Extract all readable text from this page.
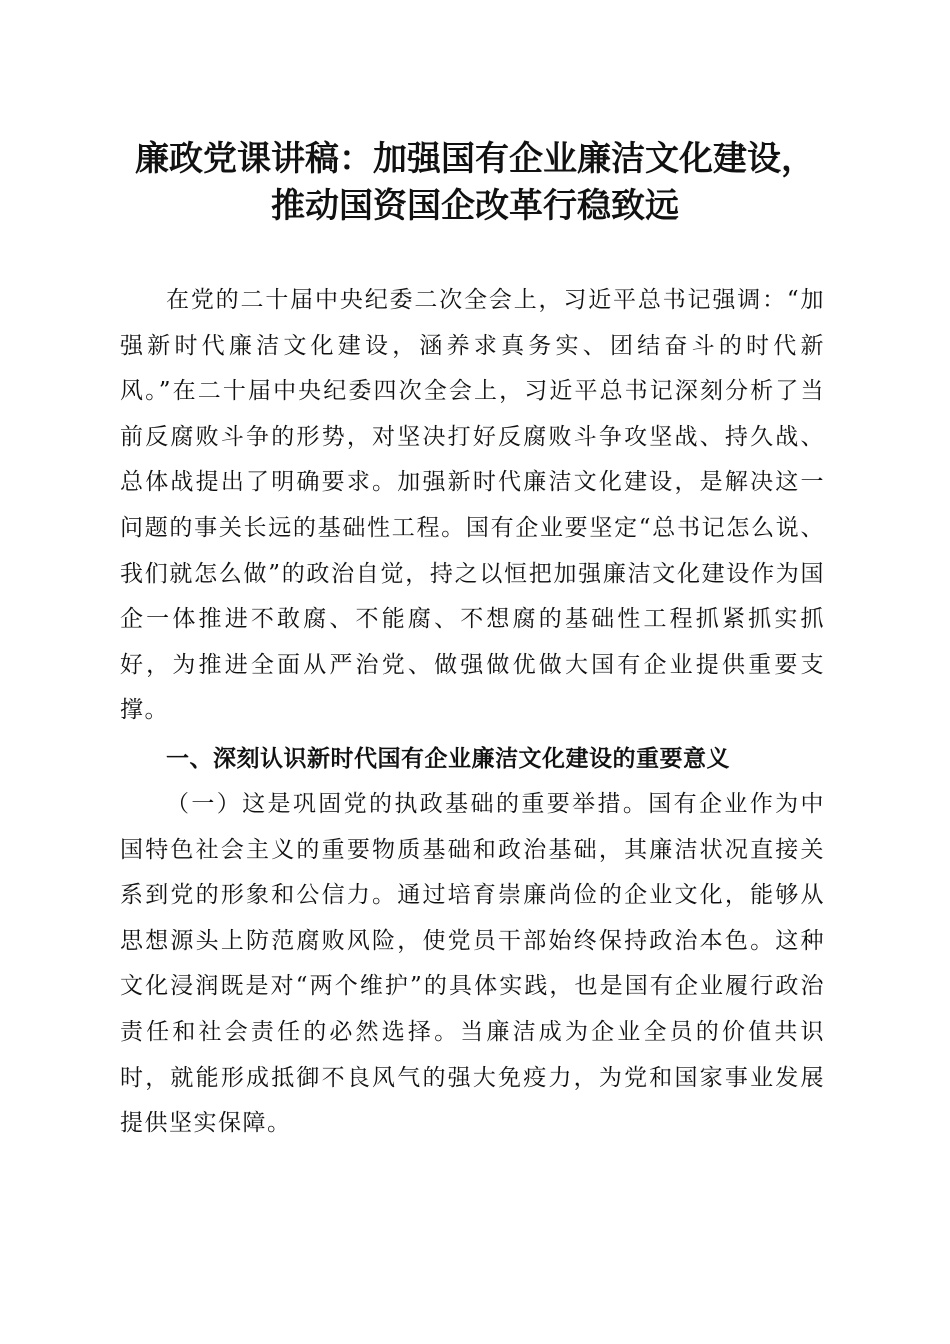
廉政党课讲稿：加强国有企业廉洁文化建设，
推动国资国企改革行稳致远

在党的二十届中央纪委二次全会上，习近平总书记强调：“加强新时代廉洁文化建设，涵养求真务实、团结奋斗的时代新风。”在二十届中央纪委四次全会上，习近平总书记深刻分析了当前反腐败斗争的形势，对坚决打好反腐败斗争攻坚战、持久战、总体战提出了明确要求。加强新时代廉洁文化建设，是解决这一问题的事关长远的基础性工程。国有企业要坚定“总书记怎么说、我们就怎么做”的政治自觉，持之以恒把加强廉洁文化建设作为国企一体推进不敢腐、不能腐、不想腐的基础性工程抓紧抓实抓好，为推进全面从严治党、做强做优做大国有企业提供重要支撑。

一、深刻认识新时代国有企业廉洁文化建设的重要意义

（一）这是巩固党的执政基础的重要举措。国有企业作为中国特色社会主义的重要物质基础和政治基础，其廉洁状况直接关系到党的形象和公信力。通过培育崇廉尚俭的企业文化，能够从思想源头上防范腐败风险，使党员干部始终保持政治本色。这种文化浸润既是对“两个维护”的具体实践，也是国有企业履行政治责任和社会责任的必然选择。当廉洁成为企业全员的价值共识时，就能形成抵御不良风气的强大免疫力，为党和国家事业发展提供坚实保障。
